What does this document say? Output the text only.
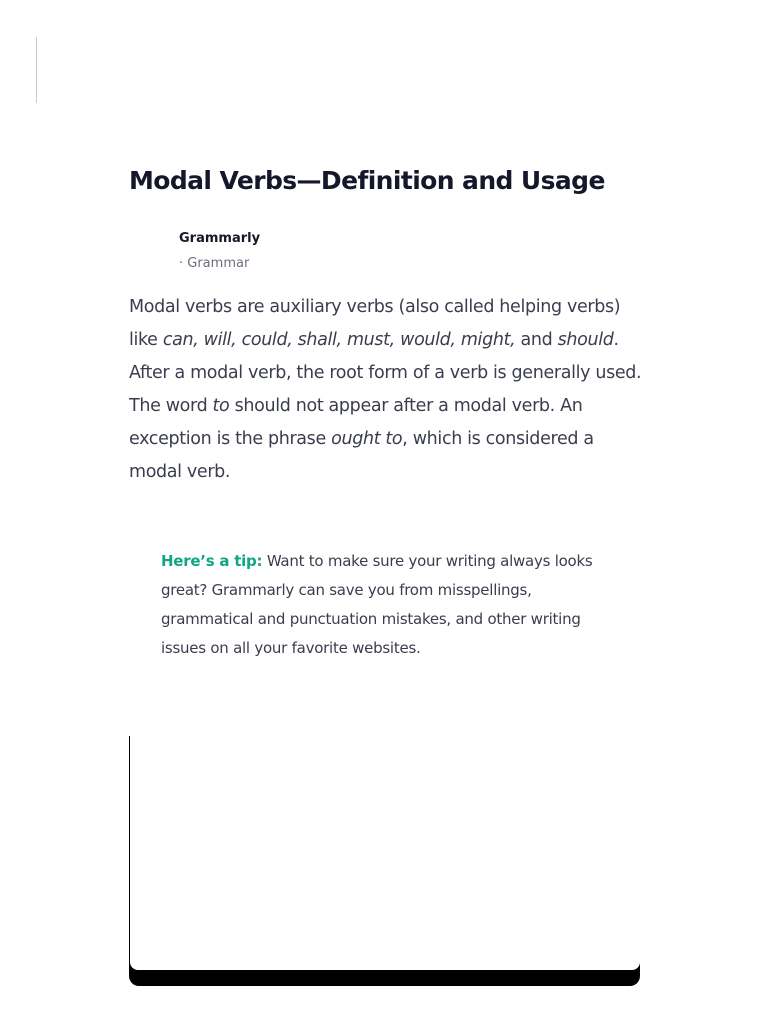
Modal Verbs—Definition and Usage
Grammarly
· Grammar

Modal verbs are auxiliary verbs (also called helping verbs) like can, will, could, shall, must, would, might, and should. After a modal verb, the root form of a verb is generally used. The word to should not appear after a modal verb. An exception is the phrase ought to, which is considered a modal verb.

Here’s a tip: Want to make sure your writing always looks great? Grammarly can save you from misspellings, grammatical and punctuation mistakes, and other writing issues on all your favorite websites.
